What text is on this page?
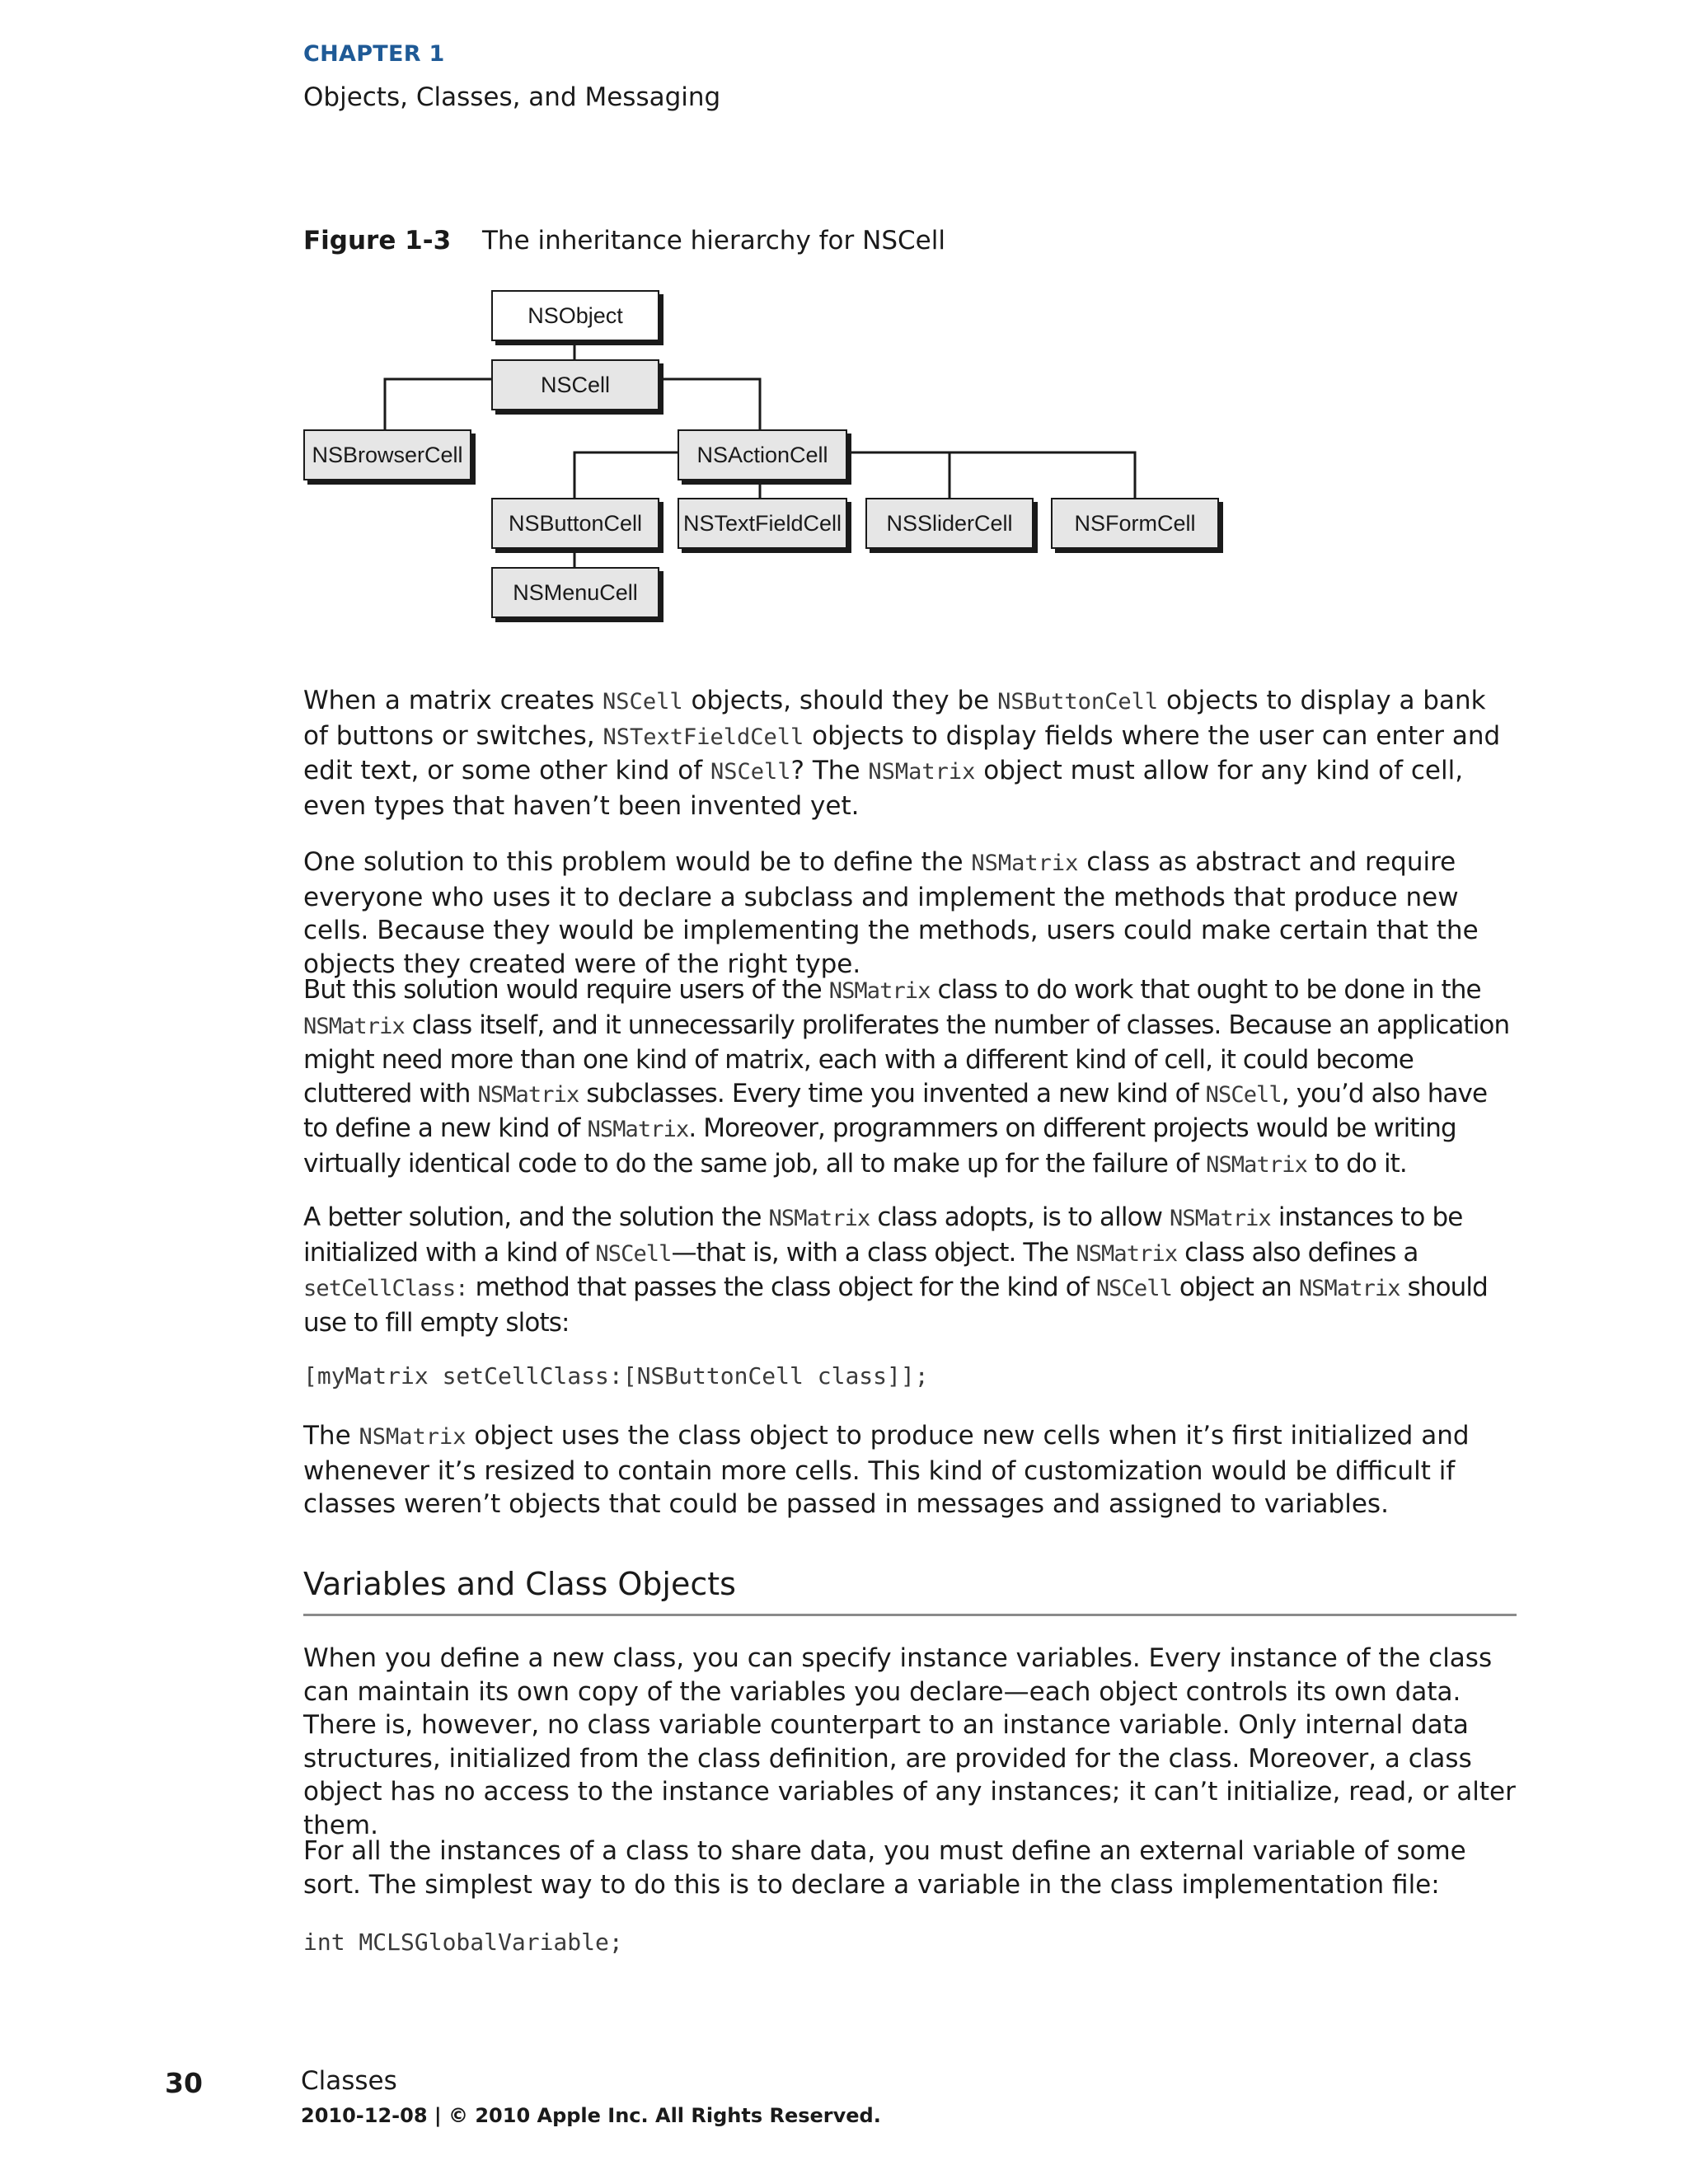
CHAPTER 1
Objects, Classes, and Messaging
Figure 1-3 The inheritance hierarchy for NSCell
NSObject
NSCell
NSBrowserCell	NSActionCell
NSButtonCell	NSTextFieldCell	NSSliderCell	NSFormCell
NSMenuCell

When a matrix creates NSCell objects, should they be NSButtonCell objects to display a bank of buttons or switches, NSTextFieldCell objects to display fields where the user can enter and edit text, or some other kind of NSCell? The NSMatrix object must allow for any kind of cell, even types that haven’t been invented yet.

One solution to this problem would be to define the NSMatrix class as abstract and require everyone who uses it to declare a subclass and implement the methods that produce new cells. Because they would be implementing the methods, users could make certain that the objects they created were of the right type.

But this solution would require users of the NSMatrix class to do work that ought to be done in the NSMatrix class itself, and it unnecessarily proliferates the number of classes. Because an application might need more than one kind of matrix, each with a different kind of cell, it could become cluttered with NSMatrix subclasses. Every time you invented a new kind of NSCell, you’d also have to define a new kind of NSMatrix. Moreover, programmers on different projects would be writing virtually identical code to do the same job, all to make up for the failure of NSMatrix to do it.

A better solution, and the solution the NSMatrix class adopts, is to allow NSMatrix instances to be initialized with a kind of NSCell—that is, with a class object. The NSMatrix class also defines a setCellClass: method that passes the class object for the kind of NSCell object an NSMatrix should use to fill empty slots:

[myMatrix setCellClass:[NSButtonCell class]];

The NSMatrix object uses the class object to produce new cells when it’s first initialized and whenever it’s resized to contain more cells. This kind of customization would be difficult if classes weren’t objects that could be passed in messages and assigned to variables.

Variables and Class Objects

When you define a new class, you can specify instance variables. Every instance of the class can maintain its own copy of the variables you declare—each object controls its own data. There is, however, no class variable counterpart to an instance variable. Only internal data structures, initialized from the class definition, are provided for the class. Moreover, a class object has no access to the instance variables of any instances; it can’t initialize, read, or alter them.

For all the instances of a class to share data, you must define an external variable of some sort. The simplest way to do this is to declare a variable in the class implementation file:

int MCLSGlobalVariable;
30	Classes
2010-12-08 | © 2010 Apple Inc. All Rights Reserved.
